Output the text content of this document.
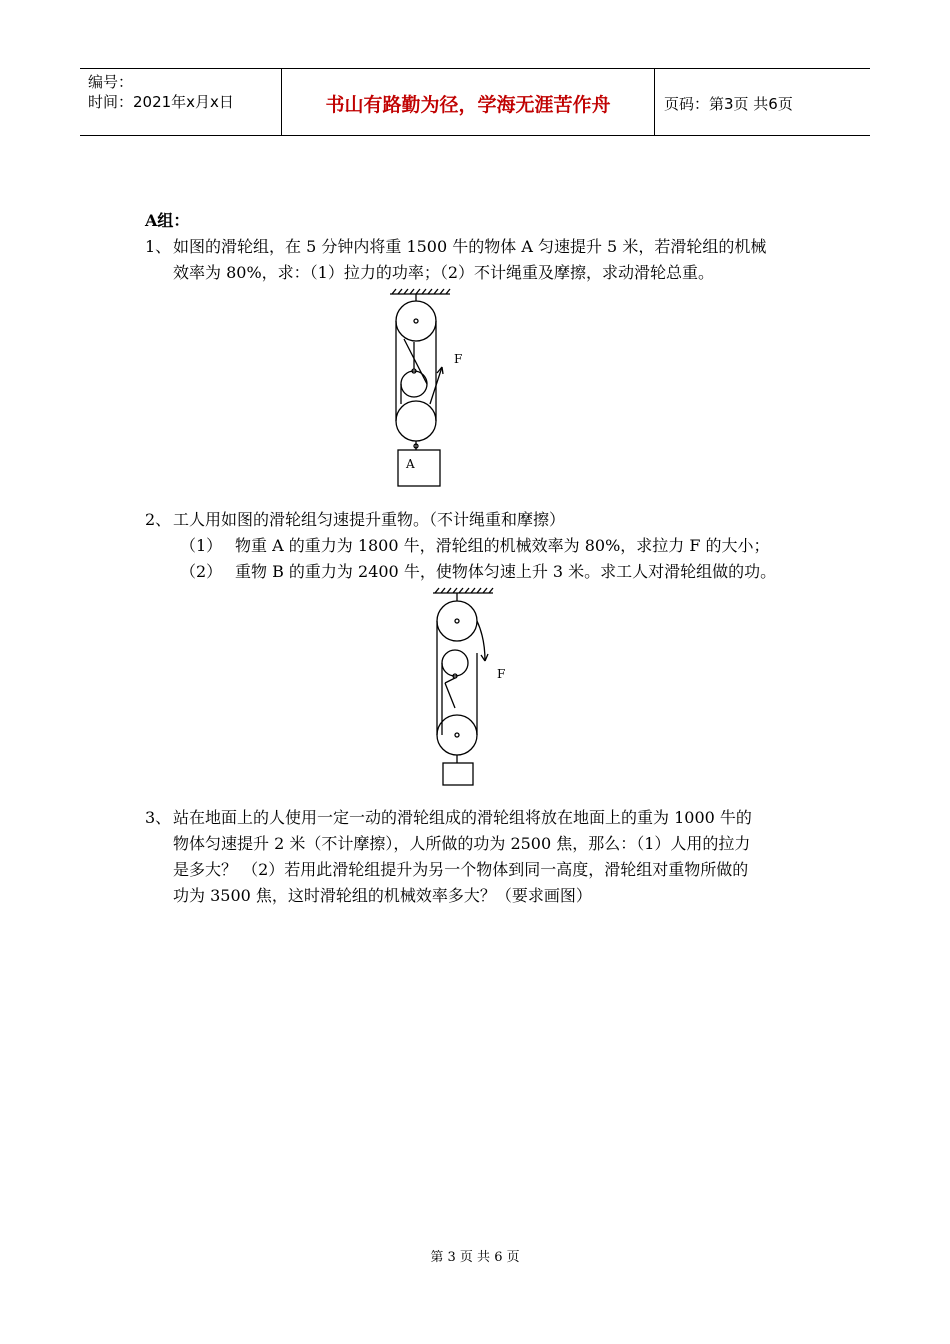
编号：
时间：2021年x月x日	书山有路勤为径，学海无涯苦作舟	页码：第3页 共6页
A组：
1、 如图的滑轮组，在 5 分钟内将重 1500 牛的物体 A 匀速提升 5 米，若滑轮组的机械
效率为 80%，求：（1）拉力的功率；（2）不计绳重及摩擦，求动滑轮总重。
F
A
2、 工人用如图的滑轮组匀速提升重物。（不计绳重和摩擦）
（1） 物重 A 的重力为 1800 牛，滑轮组的机械效率为 80%，求拉力 F 的大小；
（2） 重物 B 的重力为 2400 牛，使物体匀速上升 3 米。求工人对滑轮组做的功。
F
3、 站在地面上的人使用一定一动的滑轮组成的滑轮组将放在地面上的重为 1000 牛的
物体匀速提升 2 米（不计摩擦），人所做的功为 2500 焦，那么：（1）人用的拉力
是多大？ （2）若用此滑轮组提升为另一个物体到同一高度，滑轮组对重物所做的
功为 3500 焦，这时滑轮组的机械效率多大？（要求画图）
第 3 页 共 6 页
